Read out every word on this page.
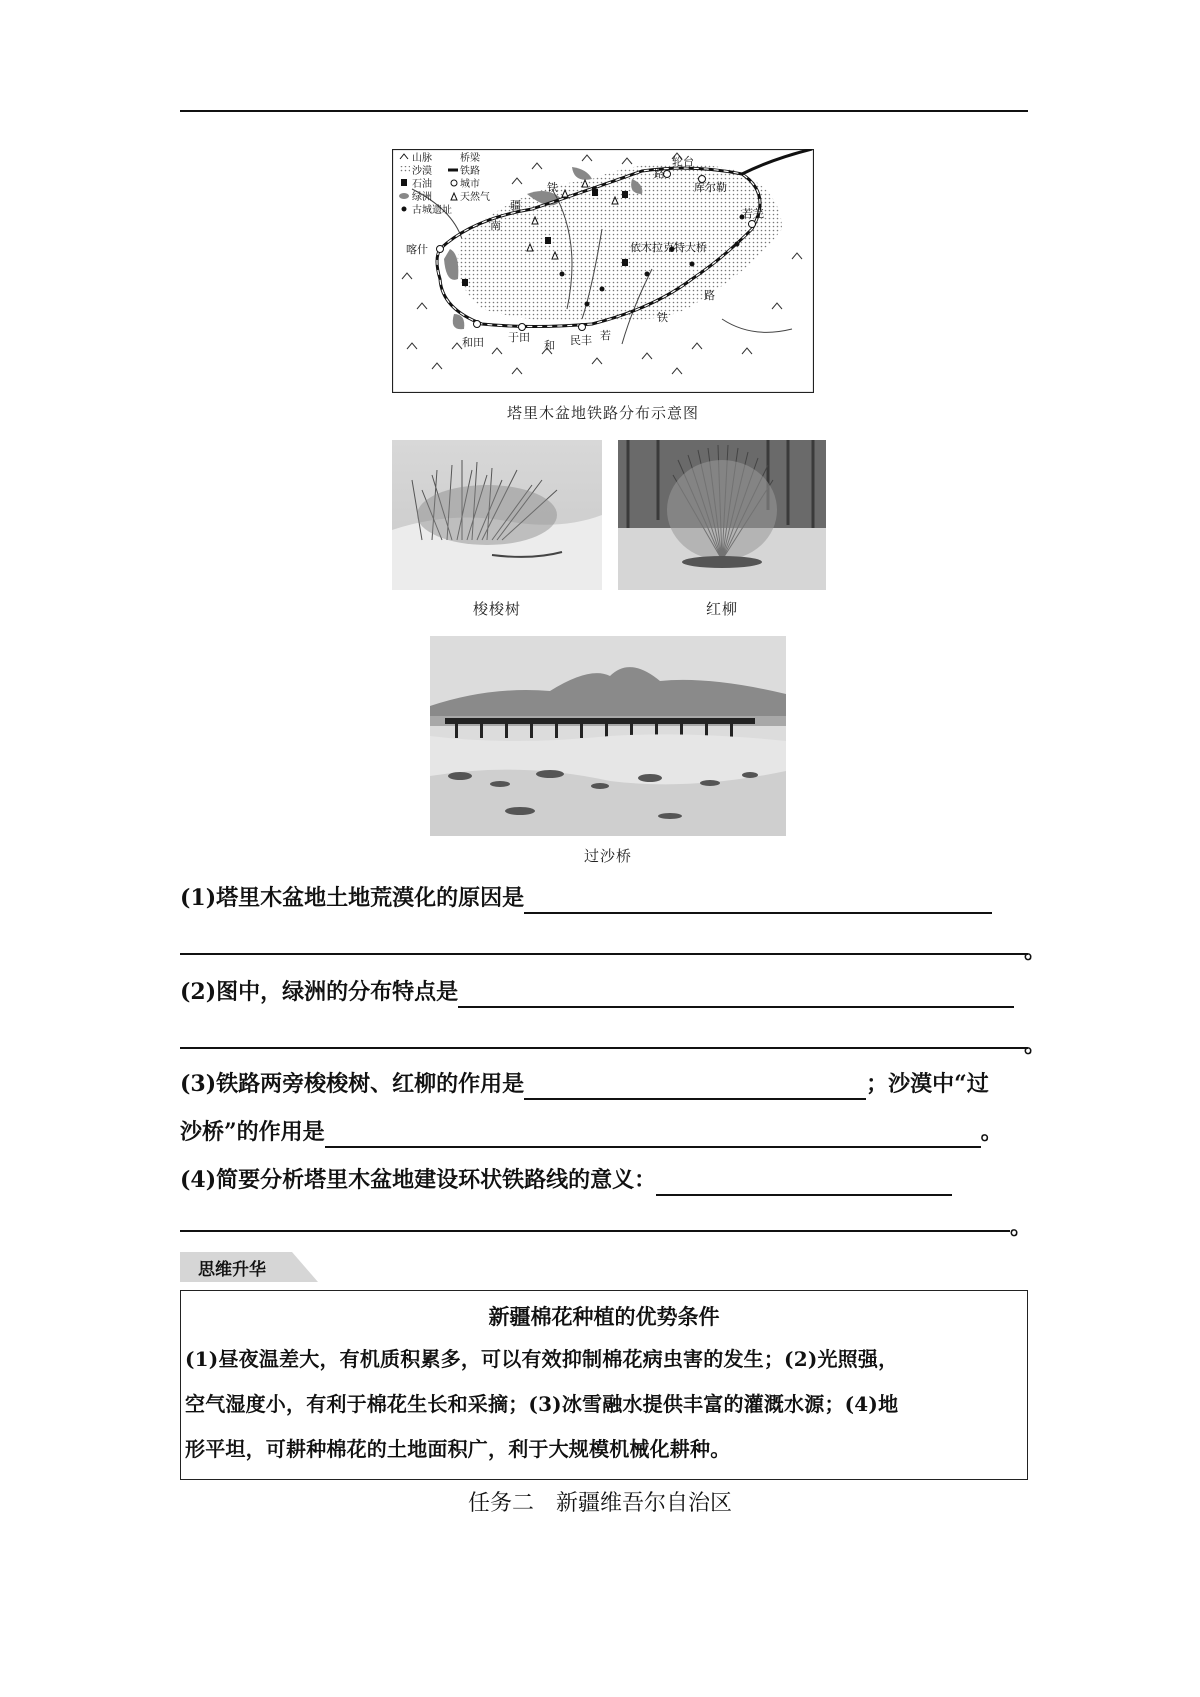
山脉	桥梁
沙漠	铁路
石油	城市
绿洲	天然气
古城遗址
轮台
库尔勒
喀什
和田 于田	民丰
若羌
依木拉克特大桥
铁
路
南
疆
和
若
铁
路
塔里木盆地铁路分布示意图
梭梭树	红柳
过沙桥
(1)塔里木盆地土地荒漠化的原因是
。
(2)图中，绿洲的分布特点是
。
(3)铁路两旁梭梭树、红柳的作用是	；沙漠中“过
沙桥”的作用是	。
(4)简要分析塔里木盆地建设环状铁路线的意义：
。
思维升华
新疆棉花种植的优势条件
(1)昼夜温差大，有机质积累多，可以有效抑制棉花病虫害的发生；(2)光照强，
空气湿度小，有利于棉花生长和采摘；(3)冰雪融水提供丰富的灌溉水源；(4)地
形平坦，可耕种棉花的土地面积广，利于大规模机械化耕种。
任务二　新疆维吾尔自治区
